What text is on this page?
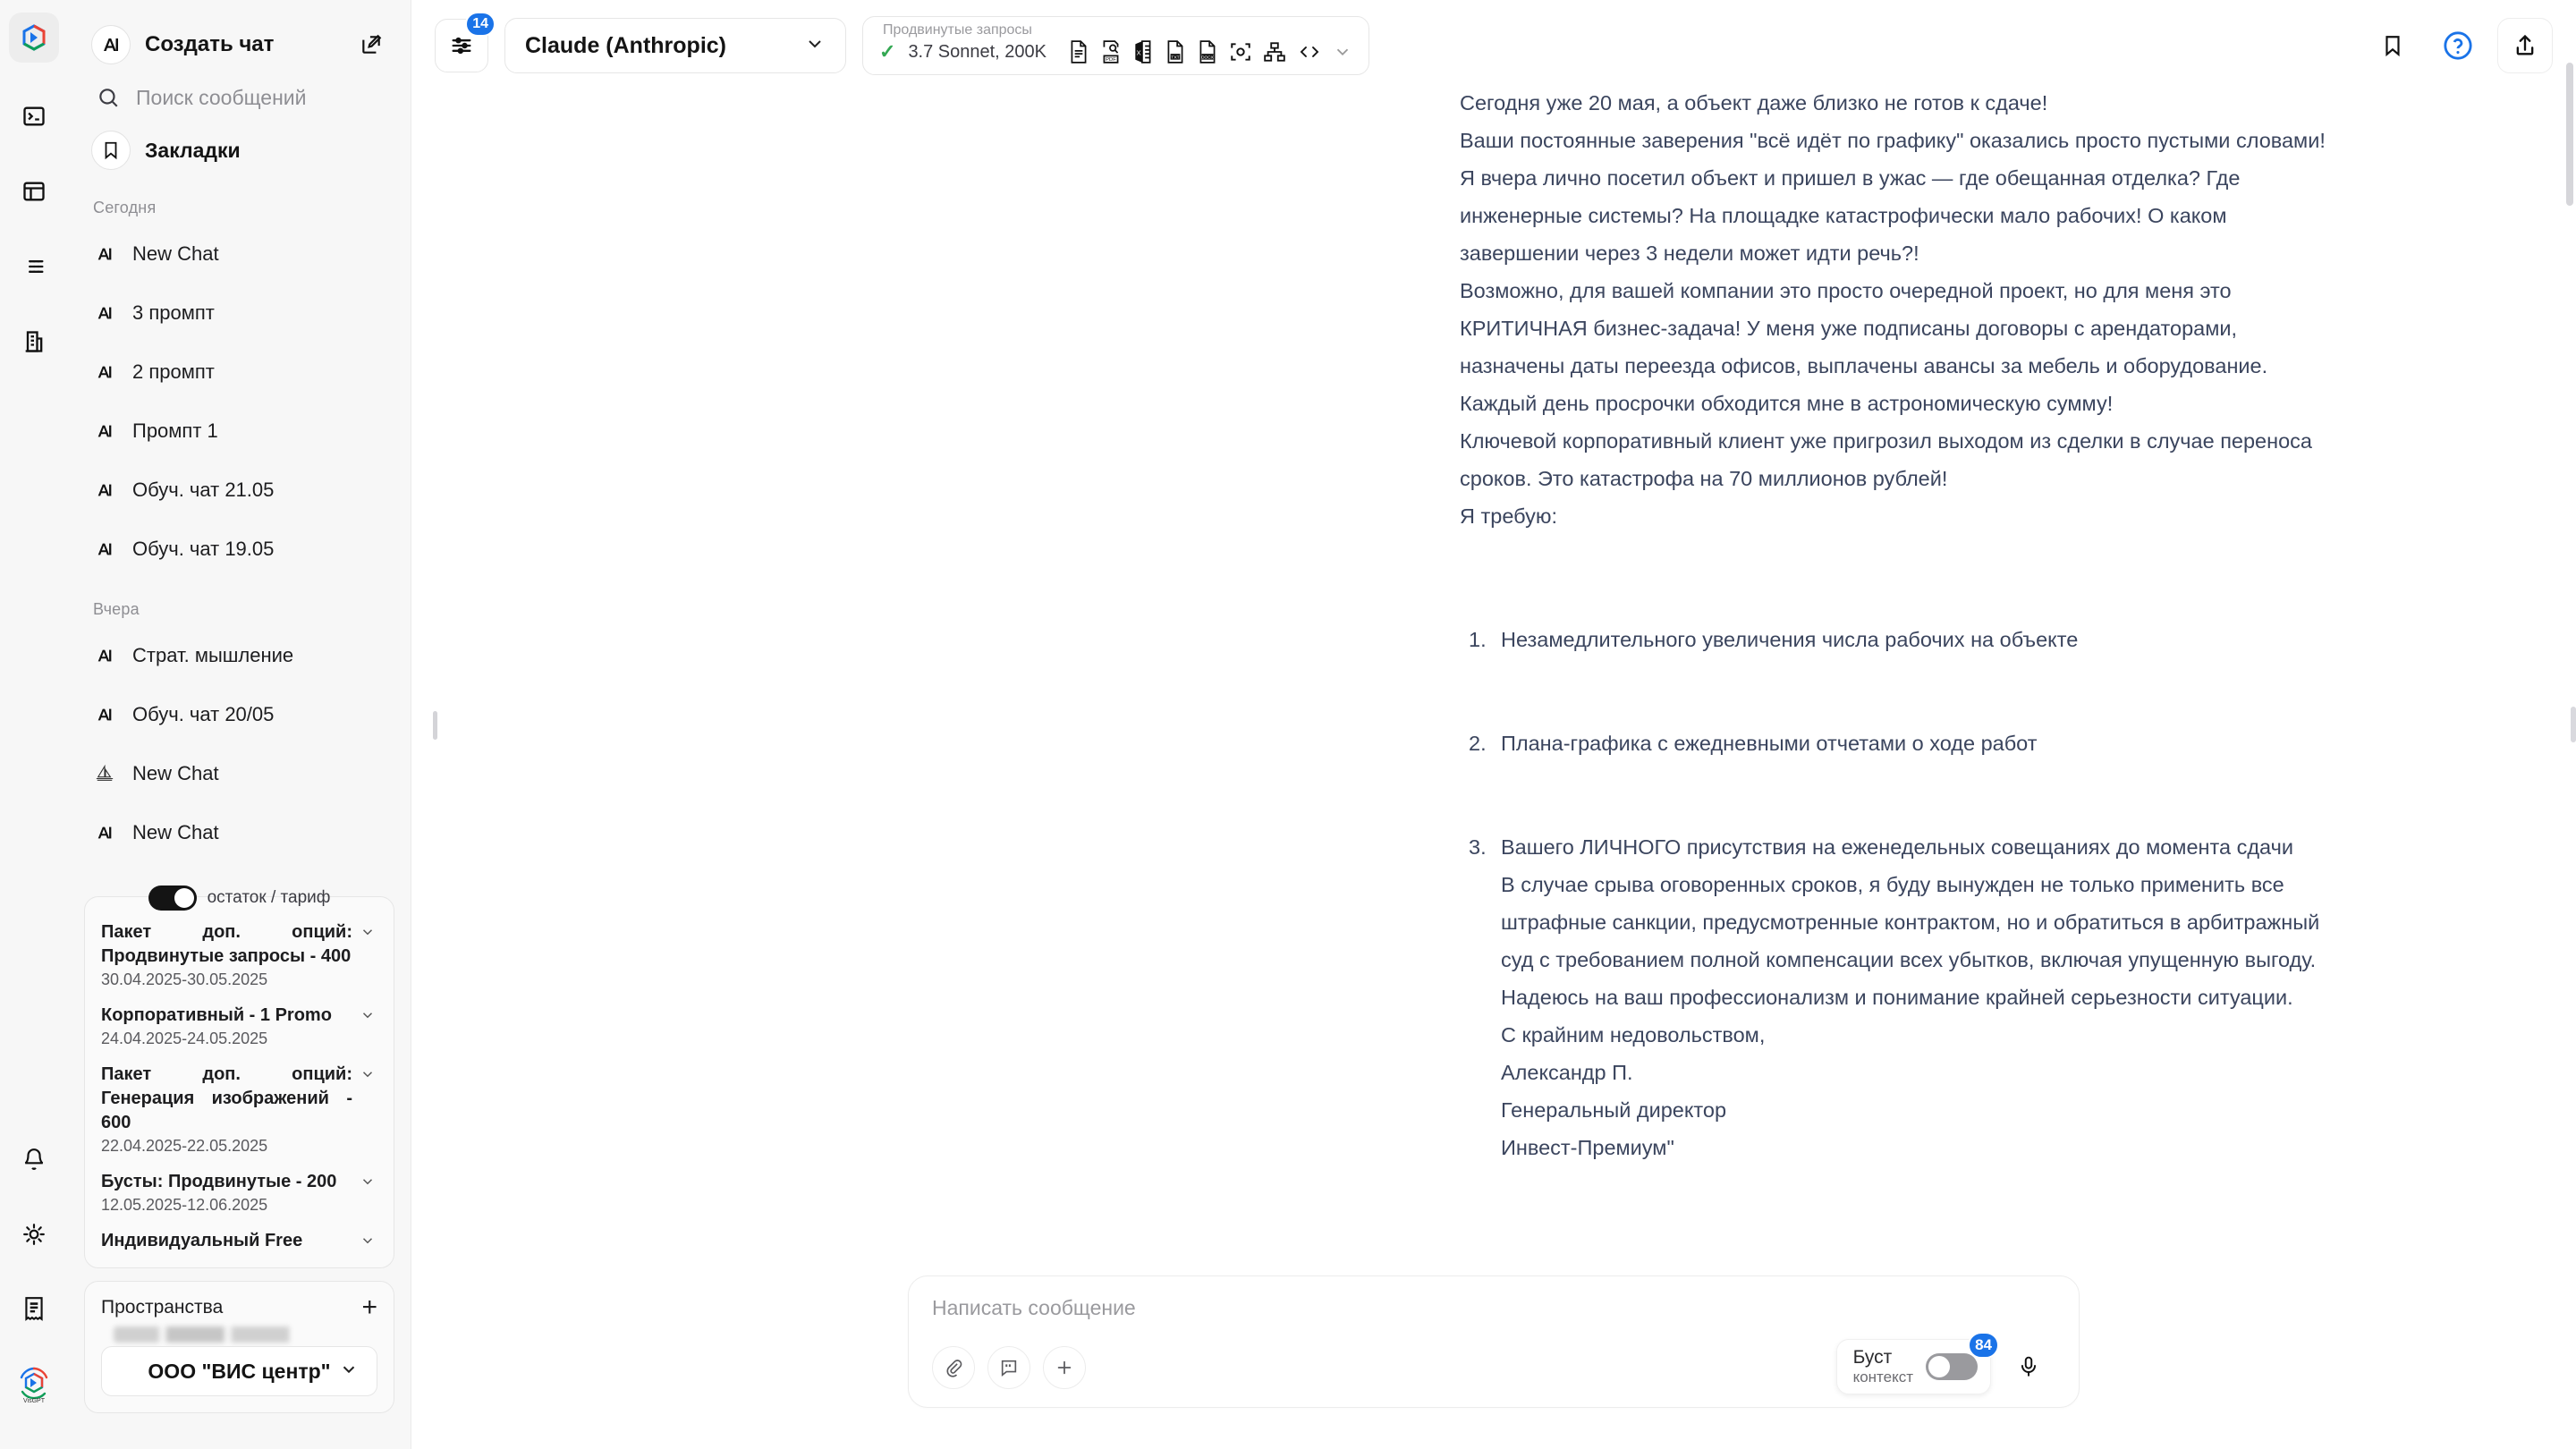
VisGPT
Создать чат
Поиск сообщений
Закладки
Сегодня
New Chat
3 промпт
2 промпт
Промпт 1
Обуч. чат 21.05
Обуч. чат 19.05
Вчера
Страт. мышление
Обуч. чат 20/05
New Chat
New Chat
остаток / тариф
Пакет доп. опций: Продвинутые запросы - 400
30.04.2025-30.05.2025
Корпоративный - 1 Promo
24.04.2025-24.05.2025
Пакет доп. опций: Генерация изображений - 600
22.04.2025-22.05.2025
Бусты: Продвинутые - 200
12.05.2025-12.06.2025
Индивидуальный Free
Пространства	+
ООО "ВИС центр"
14
Claude (Anthropic)
Продвинутые запросы
✓ 3.7 Sonnet, 200K	PDF
X
TXT	DOCX

Сегодня уже 20 мая, а объект даже близко не готов к сдаче!

Ваши постоянные заверения "всё идёт по графику" оказались просто пустыми словами!

Я вчера лично посетил объект и пришел в ужас — где обещанная отделка? Где инженерные системы? На площадке катастрофически мало рабочих! О каком завершении через 3 недели может идти речь?!

Возможно, для вашей компании это просто очередной проект, но для меня это КРИТИЧНАЯ бизнес-задача! У меня уже подписаны договоры с арендаторами, назначены даты переезда офисов, выплачены авансы за мебель и оборудование.

Каждый день просрочки обходится мне в астрономическую сумму!

Ключевой корпоративный клиент уже пригрозил выходом из сделки в случае переноса сроков. Это катастрофа на 70 миллионов рублей!

Я требую:

Незамедлительного увеличения числа рабочих на объекте
Плана-графика с ежедневными отчетами о ходе работ
Вашего ЛИЧНОГО присутствия на еженедельных совещаниях до момента сдачи

В случае срыва оговоренных сроков, я буду вынужден не только применить все штрафные санкции, предусмотренные контрактом, но и обратиться в арбитражный суд с требованием полной компенсации всех убытков, включая упущенную выгоду.

Надеюсь на ваш профессионализм и понимание крайней серьезности ситуации.

С крайним недовольством,

Александр П.

Генеральный директор

Инвест-Премиум"

Написать сообщение
Буст
контекст
84
